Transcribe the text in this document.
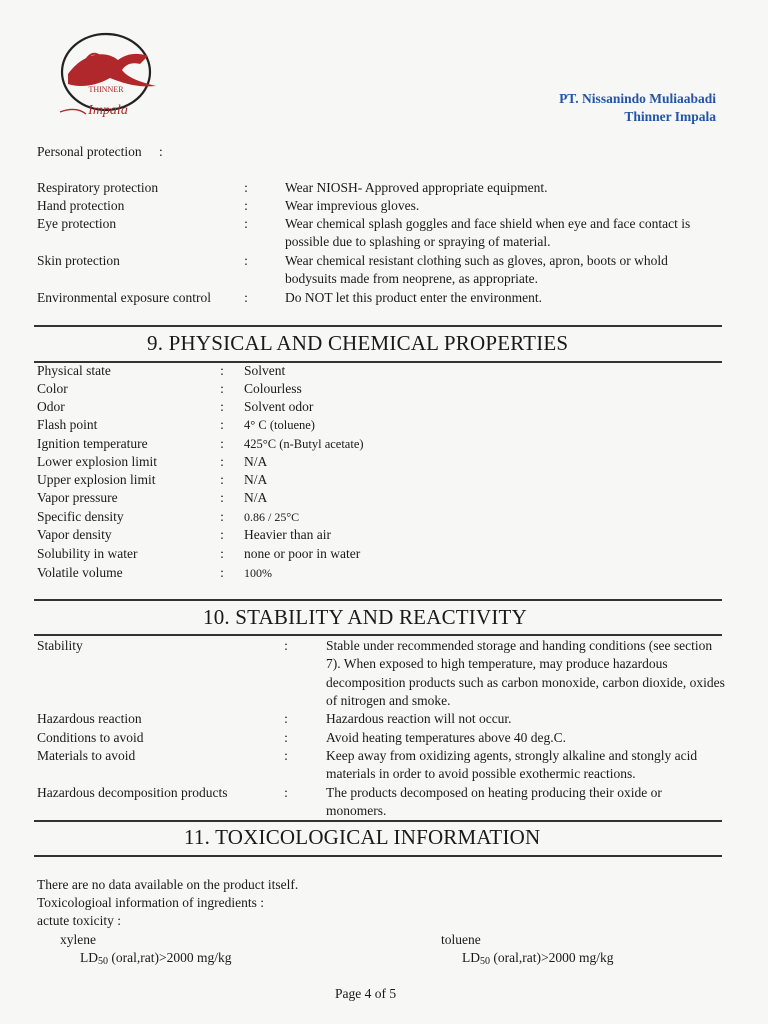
THINNER
Impala
PT. Nissanindo Muliaabadi
Thinner Impala
Personal protection :
Respiratory protection	:	Wear NIOSH- Approved appropriate equipment.
Hand protection	:	Wear imprevious gloves.
Eye protection	:	Wear chemical splash goggles and face shield when eye and face contact is possible due to splashing or spraying of material.
Skin protection	:	Wear chemical resistant clothing such as gloves, apron, boots or whold bodysuits made from neoprene, as appropriate.
Environmental exposure control :	Do NOT let this product enter the environment.
9. PHYSICAL AND CHEMICAL PROPERTIES
Physical state	: Solvent
Color	: Colourless
Odor	: Solvent odor
Flash point	: 4° C (toluene)
Ignition temperature	: 425°C (n-Butyl acetate)
Lower explosion limit	: N/A
Upper explosion limit	: N/A
Vapor pressure	: N/A
Specific density	: 0.86 / 25°C
Vapor density	: Heavier than air
Solubility in water	: none or poor in water
Volatile volume	: 100%
10. STABILITY AND REACTIVITY
Stability	:	Stable under recommended storage and handing conditions (see section 7). When exposed to high temperature, may produce hazardous decomposition products such as carbon monoxide, carbon dioxide, oxides of nitrogen and smoke.
Hazardous reaction	:	Hazardous reaction will not occur.
Conditions to avoid	:	Avoid heating temperatures above 40 deg.C.
Materials to avoid	:	Keep away from oxidizing agents, strongly alkaline and stongly acid materials in order to avoid possible exothermic reactions.
Hazardous decomposition products	:	The products decomposed on heating producing their oxide or monomers.
11. TOXICOLOGICAL INFORMATION
There are no data available on the product itself.
Toxicologioal information of ingredients :
actute toxicity :
xylene
LD50 (oral,rat)>2000 mg/kg
toluene
LD50 (oral,rat)>2000 mg/kg
Page 4 of 5
